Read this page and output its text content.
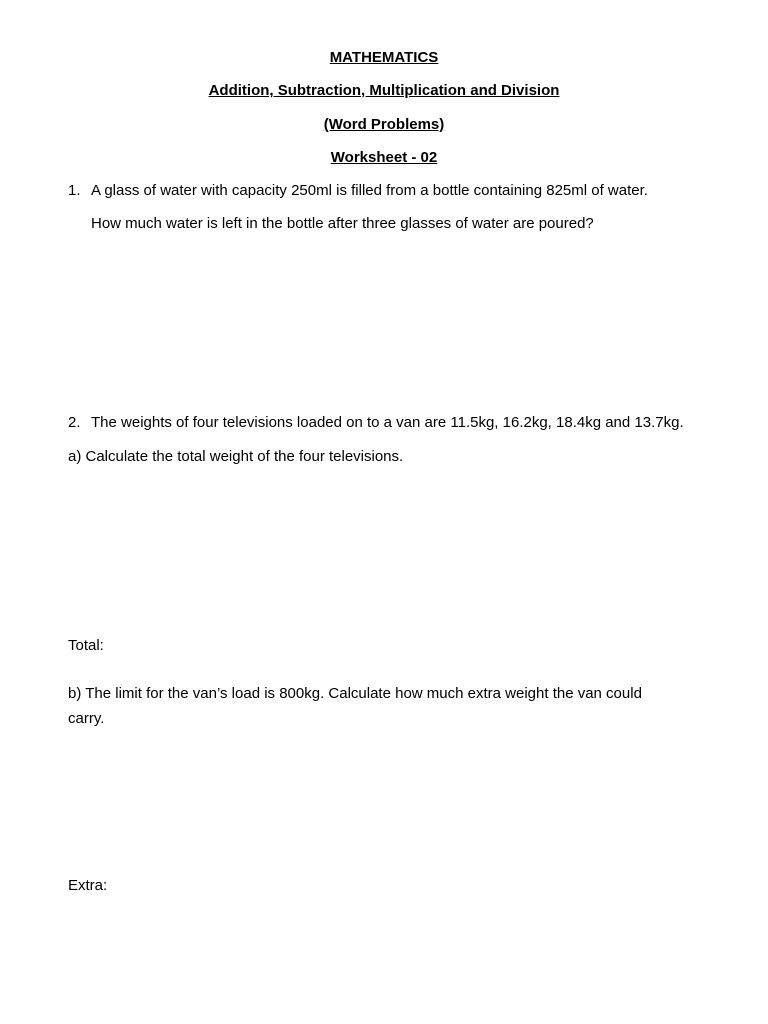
MATHEMATICS
Addition, Subtraction, Multiplication and Division
(Word Problems)
Worksheet - 02
1. A glass of water with capacity 250ml is filled from a bottle containing 825ml of water.
How much water is left in the bottle after three glasses of water are poured?
2. The weights of four televisions loaded on to a van are 11.5kg, 16.2kg, 18.4kg and 13.7kg.
a) Calculate the total weight of the four televisions.
Total:
b) The limit for the van’s load is 800kg. Calculate how much extra weight the van could
carry.
Extra:
